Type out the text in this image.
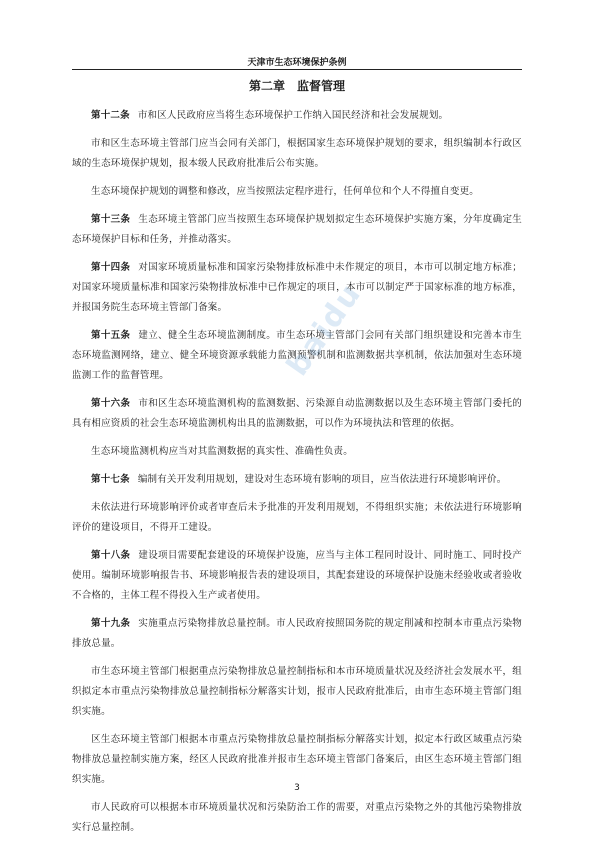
天津市生态环境保护条例
第二章 监督管理

第十二条 市和区人民政府应当将生态环境保护工作纳入国民经济和社会发展规划。

市和区生态环境主管部门应当会同有关部门，根据国家生态环境保护规划的要求，组织编制本行政区域的生态环境保护规划，报本级人民政府批准后公布实施。

生态环境保护规划的调整和修改，应当按照法定程序进行，任何单位和个人不得擅自变更。

第十三条 生态环境主管部门应当按照生态环境保护规划拟定生态环境保护实施方案，分年度确定生态环境保护目标和任务，并推动落实。

第十四条 对国家环境质量标准和国家污染物排放标准中未作规定的项目，本市可以制定地方标准；对国家环境质量标准和国家污染物排放标准中已作规定的项目，本市可以制定严于国家标准的地方标准，并报国务院生态环境主管部门备案。

第十五条 建立、健全生态环境监测制度。市生态环境主管部门会同有关部门组织建设和完善本市生态环境监测网络，建立、健全环境资源承载能力监测预警机制和监测数据共享机制，依法加强对生态环境监测工作的监督管理。

第十六条 市和区生态环境监测机构的监测数据、污染源自动监测数据以及生态环境主管部门委托的具有相应资质的社会生态环境监测机构出具的监测数据，可以作为环境执法和管理的依据。

生态环境监测机构应当对其监测数据的真实性、准确性负责。

第十七条 编制有关开发利用规划，建设对生态环境有影响的项目，应当依法进行环境影响评价。

未依法进行环境影响评价或者审查后未予批准的开发利用规划，不得组织实施；未依法进行环境影响评价的建设项目，不得开工建设。

第十八条 建设项目需要配套建设的环境保护设施，应当与主体工程同时设计、同时施工、同时投产使用。编制环境影响报告书、环境影响报告表的建设项目，其配套建设的环境保护设施未经验收或者验收不合格的，主体工程不得投入生产或者使用。

第十九条 实施重点污染物排放总量控制。市人民政府按照国务院的规定削减和控制本市重点污染物排放总量。

市生态环境主管部门根据重点污染物排放总量控制指标和本市环境质量状况及经济社会发展水平，组织拟定本市重点污染物排放总量控制指标分解落实计划，报市人民政府批准后，由市生态环境主管部门组织实施。

区生态环境主管部门根据本市重点污染物排放总量控制指标分解落实计划，拟定本行政区域重点污染物排放总量控制实施方案，经区人民政府批准并报市生态环境主管部门备案后，由区生态环境主管部门组织实施。

市人民政府可以根据本市环境质量状况和污染防治工作的需要，对重点污染物之外的其他污染物排放实行总量控制。

baidu
3
